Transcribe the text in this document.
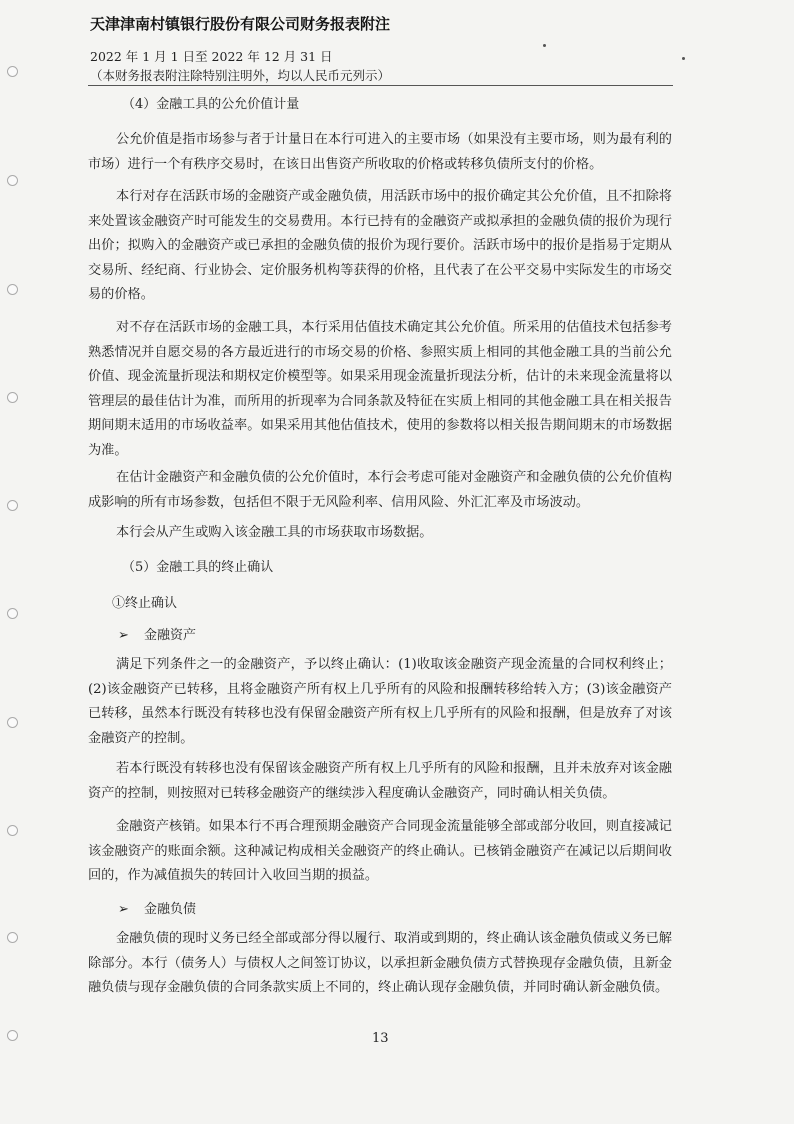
天津津南村镇银行股份有限公司财务报表附注
2022 年 1 月 1 日至 2022 年 12 月 31 日
（本财务报表附注除特别注明外，均以人民币元列示）
（4）金融工具的公允价值计量
公允价值是指市场参与者于计量日在本行可进入的主要市场（如果没有主要市场，则为最有利的市场）进行一个有秩序交易时，在该日出售资产所收取的价格或转移负债所支付的价格。
本行对存在活跃市场的金融资产或金融负债，用活跃市场中的报价确定其公允价值，且不扣除将来处置该金融资产时可能发生的交易费用。本行已持有的金融资产或拟承担的金融负债的报价为现行出价；拟购入的金融资产或已承担的金融负债的报价为现行要价。活跃市场中的报价是指易于定期从交易所、经纪商、行业协会、定价服务机构等获得的价格，且代表了在公平交易中实际发生的市场交易的价格。
对不存在活跃市场的金融工具，本行采用估值技术确定其公允价值。所采用的估值技术包括参考熟悉情况并自愿交易的各方最近进行的市场交易的价格、参照实质上相同的其他金融工具的当前公允价值、现金流量折现法和期权定价模型等。如果采用现金流量折现法分析，估计的未来现金流量将以管理层的最佳估计为准，而所用的折现率为合同条款及特征在实质上相同的其他金融工具在相关报告期间期末适用的市场收益率。如果采用其他估值技术，使用的参数将以相关报告期间期末的市场数据为准。
在估计金融资产和金融负债的公允价值时，本行会考虑可能对金融资产和金融负债的公允价值构成影响的所有市场参数，包括但不限于无风险利率、信用风险、外汇汇率及市场波动。
本行会从产生或购入该金融工具的市场获取市场数据。
（5）金融工具的终止确认
①终止确认
➢ 金融资产
满足下列条件之一的金融资产，予以终止确认：(1)收取该金融资产现金流量的合同权利终止；(2)该金融资产已转移，且将金融资产所有权上几乎所有的风险和报酬转移给转入方；(3)该金融资产已转移，虽然本行既没有转移也没有保留金融资产所有权上几乎所有的风险和报酬，但是放弃了对该金融资产的控制。
若本行既没有转移也没有保留该金融资产所有权上几乎所有的风险和报酬，且并未放弃对该金融资产的控制，则按照对已转移金融资产的继续涉入程度确认金融资产，同时确认相关负债。
金融资产核销。如果本行不再合理预期金融资产合同现金流量能够全部或部分收回，则直接减记该金融资产的账面余额。这种减记构成相关金融资产的终止确认。已核销金融资产在减记以后期间收回的，作为减值损失的转回计入收回当期的损益。
➢ 金融负债
金融负债的现时义务已经全部或部分得以履行、取消或到期的，终止确认该金融负债或义务已解除部分。本行（债务人）与债权人之间签订协议，以承担新金融负债方式替换现存金融负债，且新金融负债与现存金融负债的合同条款实质上不同的，终止确认现存金融负债，并同时确认新金融负债。
13
